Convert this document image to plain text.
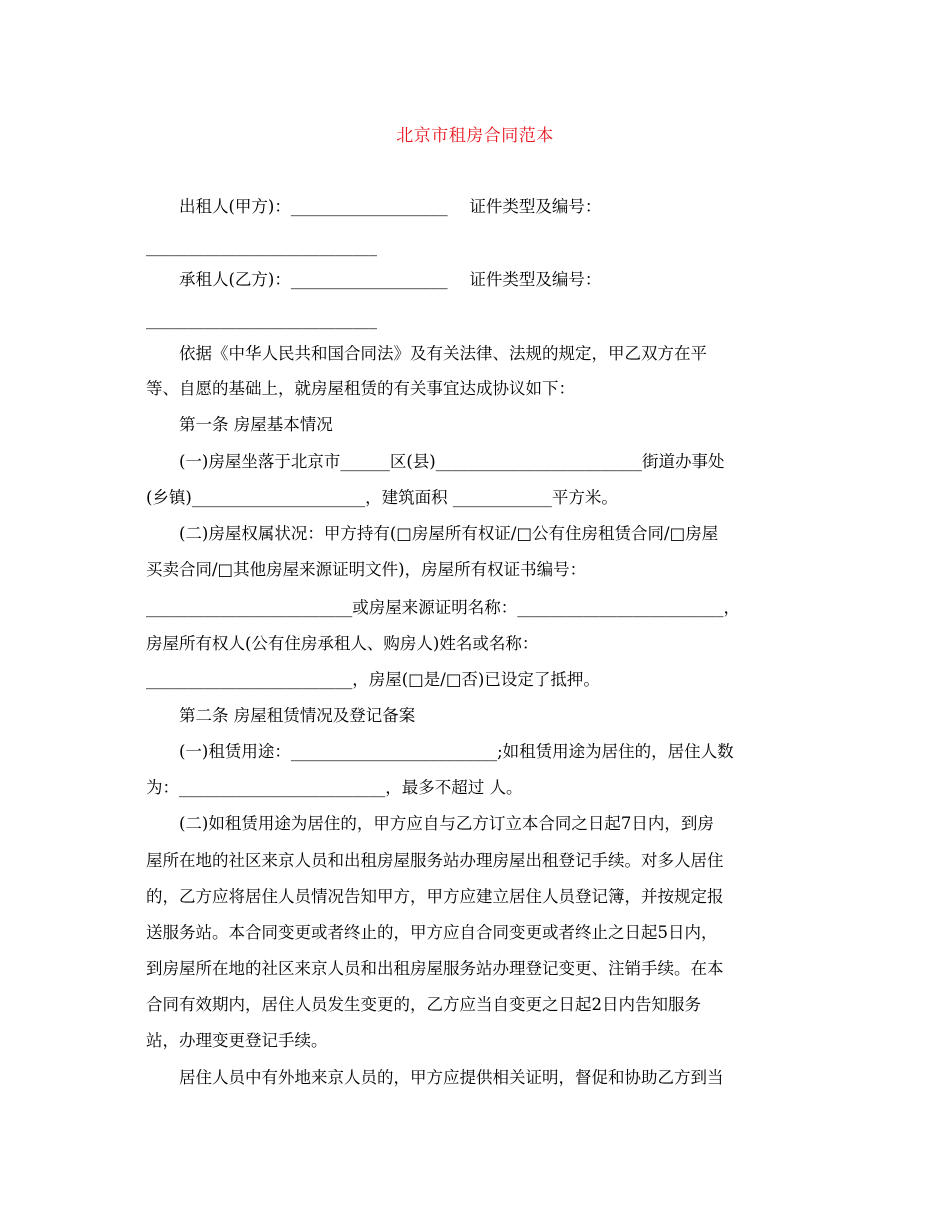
北京市租房合同范本
　　出租人(甲方)：___________________　 证件类型及编号：
____________________________
　　承租人(乙方)：___________________　 证件类型及编号：
____________________________
　　依据《中华人民共和国合同法》及有关法律、法规的规定，甲乙双方在平
等、自愿的基础上，就房屋租赁的有关事宜达成协议如下：
　　第一条 房屋基本情况
　　(一)房屋坐落于北京市______区(县)_________________________街道办事处
(乡镇)_____________________，建筑面积 ____________平方米。
　　(二)房屋权属状况：甲方持有(□房屋所有权证/□公有住房租赁合同/□房屋
买卖合同/□其他房屋来源证明文件)，房屋所有权证书编号：
_________________________或房屋来源证明名称：_________________________，
房屋所有权人(公有住房承租人、购房人)姓名或名称：
_________________________，房屋(□是/□否)已设定了抵押。
　　第二条 房屋租赁情况及登记备案
　　(一)租赁用途：_________________________;如租赁用途为居住的，居住人数
为：_________________________，最多不超过 人。
　　(二)如租赁用途为居住的，甲方应自与乙方订立本合同之日起7日内，到房
屋所在地的社区来京人员和出租房屋服务站办理房屋出租登记手续。对多人居住
的，乙方应将居住人员情况告知甲方，甲方应建立居住人员登记簿，并按规定报
送服务站。本合同变更或者终止的，甲方应自合同变更或者终止之日起5日内，
到房屋所在地的社区来京人员和出租房屋服务站办理登记变更、注销手续。在本
合同有效期内，居住人员发生变更的，乙方应当自变更之日起2日内告知服务
站，办理变更登记手续。
　　居住人员中有外地来京人员的，甲方应提供相关证明，督促和协助乙方到当
